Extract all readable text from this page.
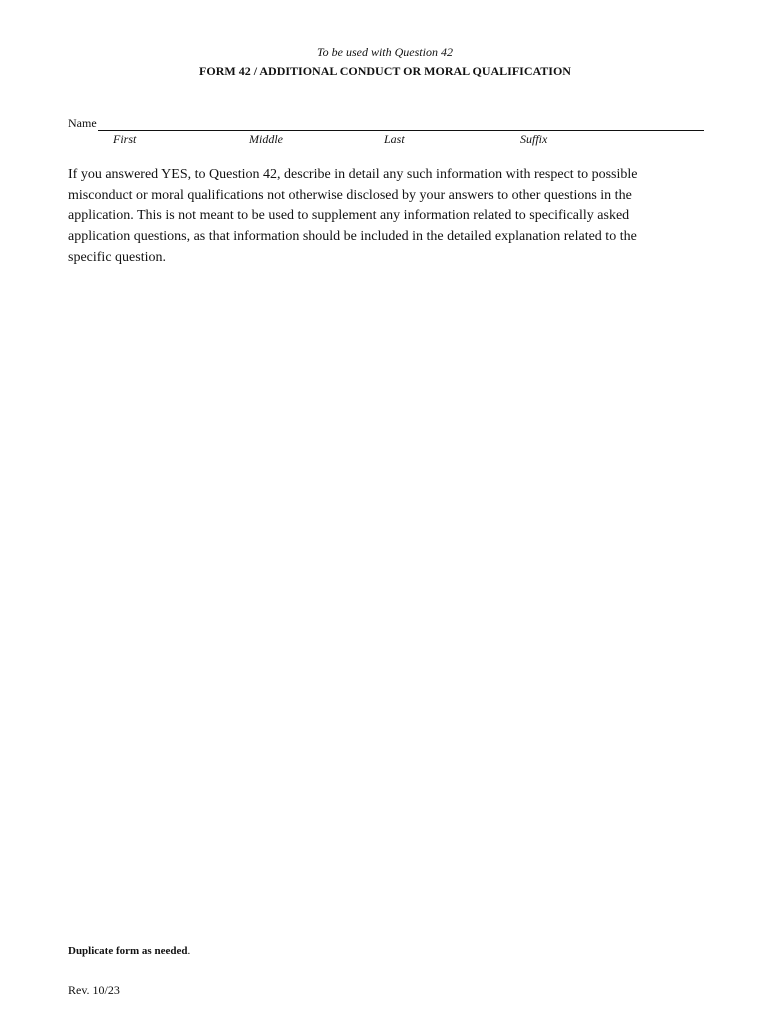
To be used with Question 42
FORM 42 / ADDITIONAL CONDUCT OR MORAL QUALIFICATION
Name
First	Middle	Last	Suffix

If you answered YES, to Question 42, describe in detail any such information with respect to possible misconduct or moral qualifications not otherwise disclosed by your answers to other questions in the application. This is not meant to be used to supplement any information related to specifically asked application questions, as that information should be included in the detailed explanation related to the specific question.

Duplicate form as needed.
Rev. 10/23
